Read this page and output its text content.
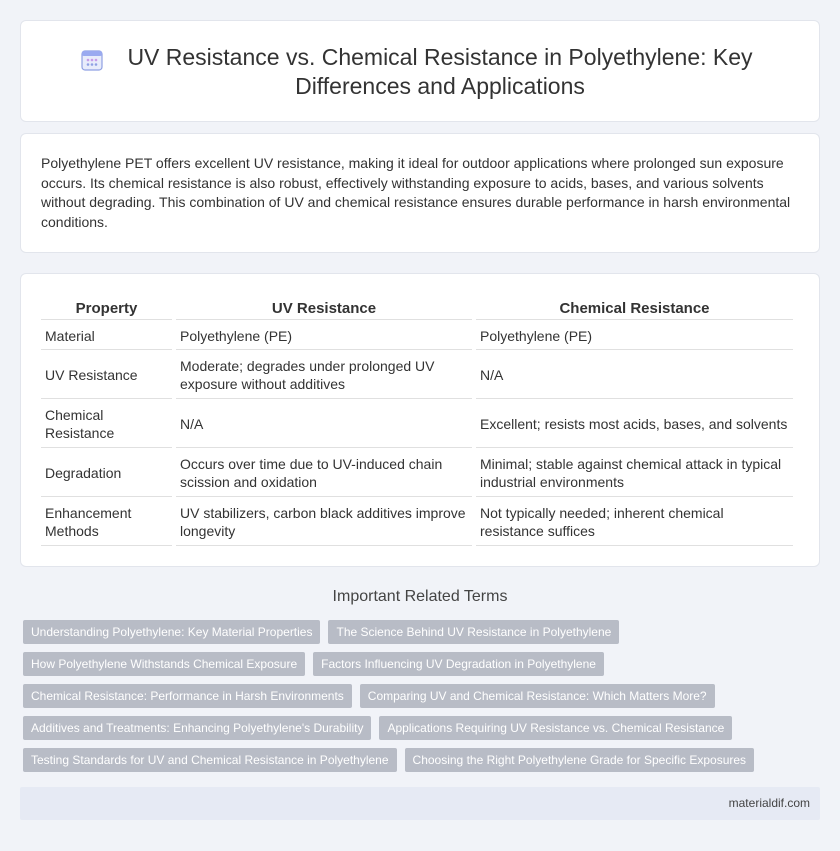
UV Resistance vs. Chemical Resistance in Polyethylene: Key Differences and Applications

Polyethylene PET offers excellent UV resistance, making it ideal for outdoor applications where prolonged sun exposure occurs. Its chemical resistance is also robust, effectively withstanding exposure to acids, bases, and various solvents without degrading. This combination of UV and chemical resistance ensures durable performance in harsh environmental conditions.

Property	UV Resistance	Chemical Resistance
Material	Polyethylene (PE)	Polyethylene (PE)
UV Resistance	Moderate; degrades under prolonged UV exposure without additives	N/A
Chemical Resistance	N/A	Excellent; resists most acids, bases, and solvents
Degradation	Occurs over time due to UV-induced chain scission and oxidation	Minimal; stable against chemical attack in typical industrial environments
Enhancement Methods	UV stabilizers, carbon black additives improve longevity	Not typically needed; inherent chemical resistance suffices
Important Related Terms
Understanding Polyethylene: Key Material Properties	The Science Behind UV Resistance in Polyethylene
How Polyethylene Withstands Chemical Exposure	Factors Influencing UV Degradation in Polyethylene
Chemical Resistance: Performance in Harsh Environments	Comparing UV and Chemical Resistance: Which Matters More?
Additives and Treatments: Enhancing Polyethylene's Durability	Applications Requiring UV Resistance vs. Chemical Resistance
Testing Standards for UV and Chemical Resistance in Polyethylene	Choosing the Right Polyethylene Grade for Specific Exposures
materialdif.com
